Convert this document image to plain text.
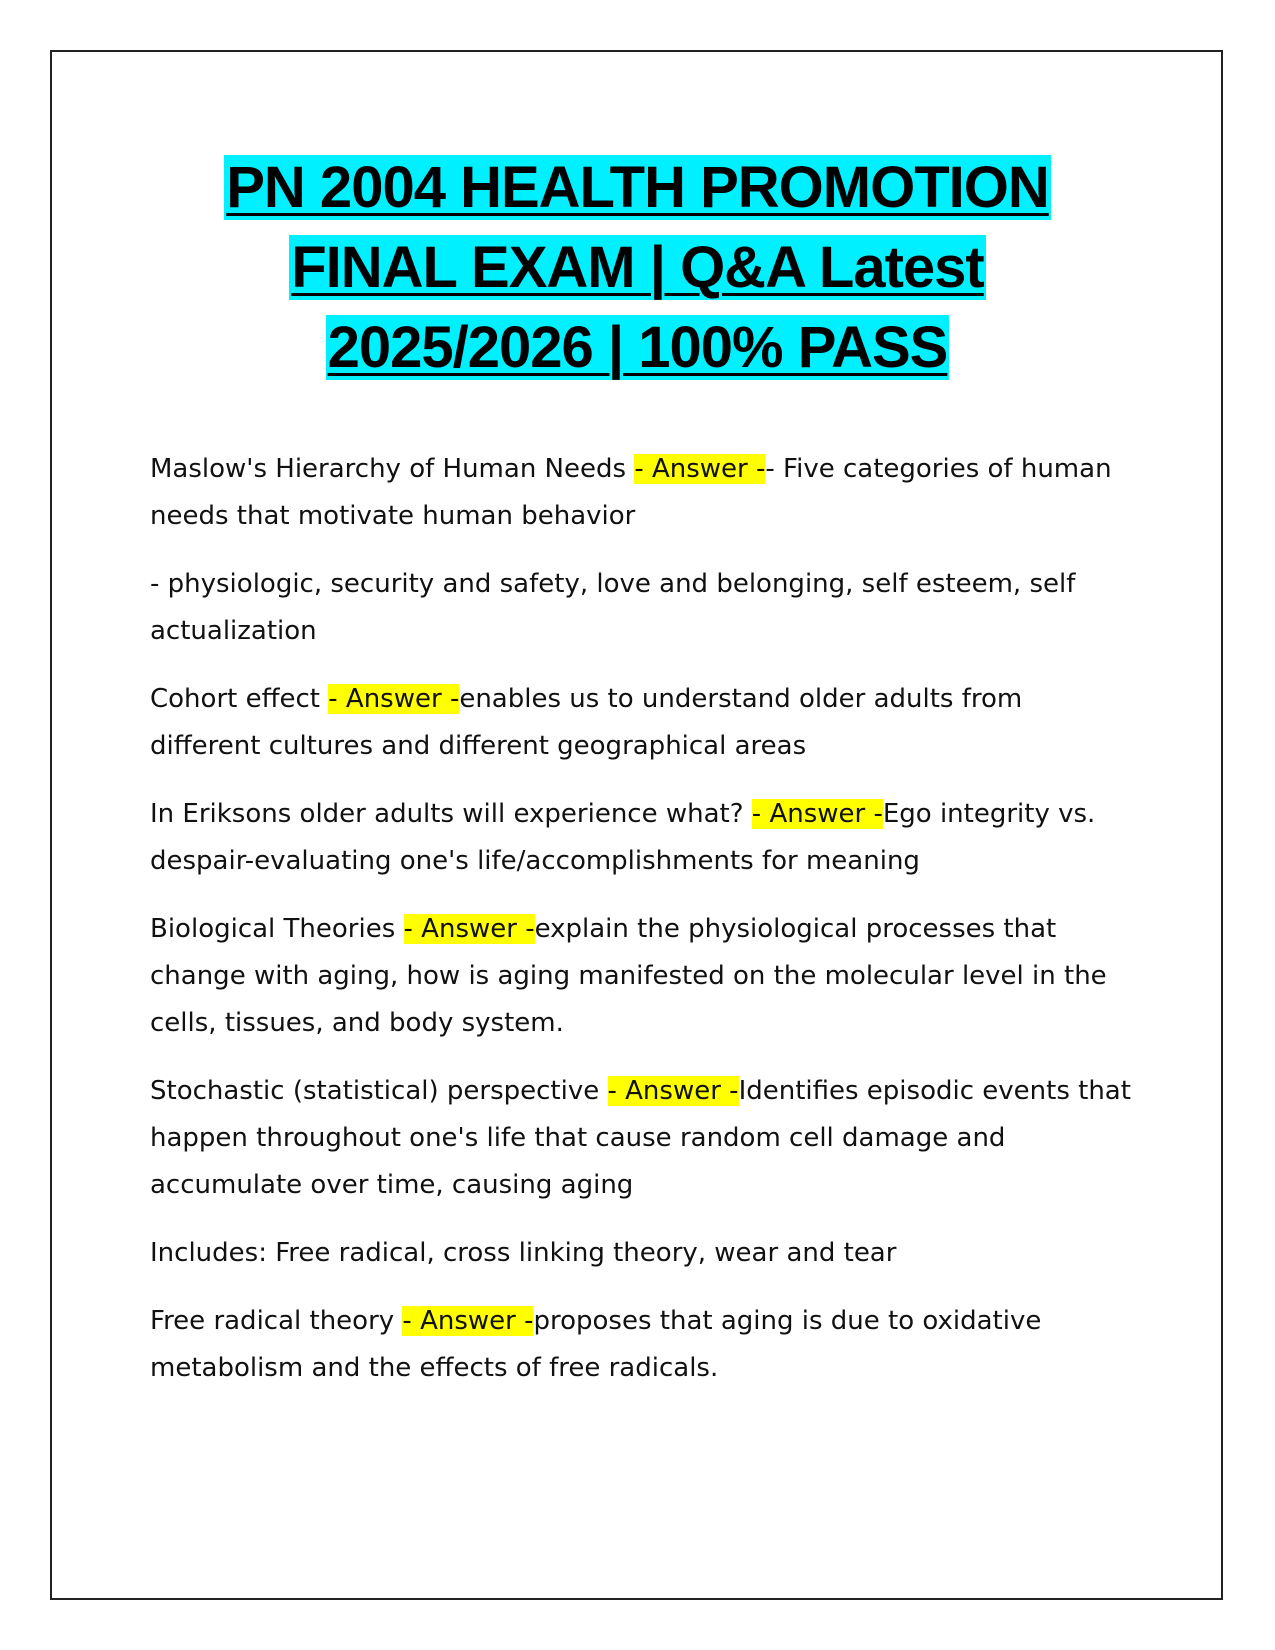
PN 2004 HEALTH PROMOTION
FINAL EXAM | Q&A Latest
2025/2026 | 100% PASS

Maslow's Hierarchy of Human Needs - Answer -- Five categories of human needs that motivate human behavior

- physiologic, security and safety, love and belonging, self esteem, self actualization

Cohort effect - Answer -enables us to understand older adults from different cultures and different geographical areas

In Eriksons older adults will experience what? - Answer -Ego integrity vs. despair-evaluating one's life/accomplishments for meaning

Biological Theories - Answer -explain the physiological processes that change with aging, how is aging manifested on the molecular level in the cells, tissues, and body system.

Stochastic (statistical) perspective - Answer -Identifies episodic events that happen throughout one's life that cause random cell damage and accumulate over time, causing aging

Includes: Free radical, cross linking theory, wear and tear

Free radical theory - Answer -proposes that aging is due to oxidative metabolism and the effects of free radicals.
